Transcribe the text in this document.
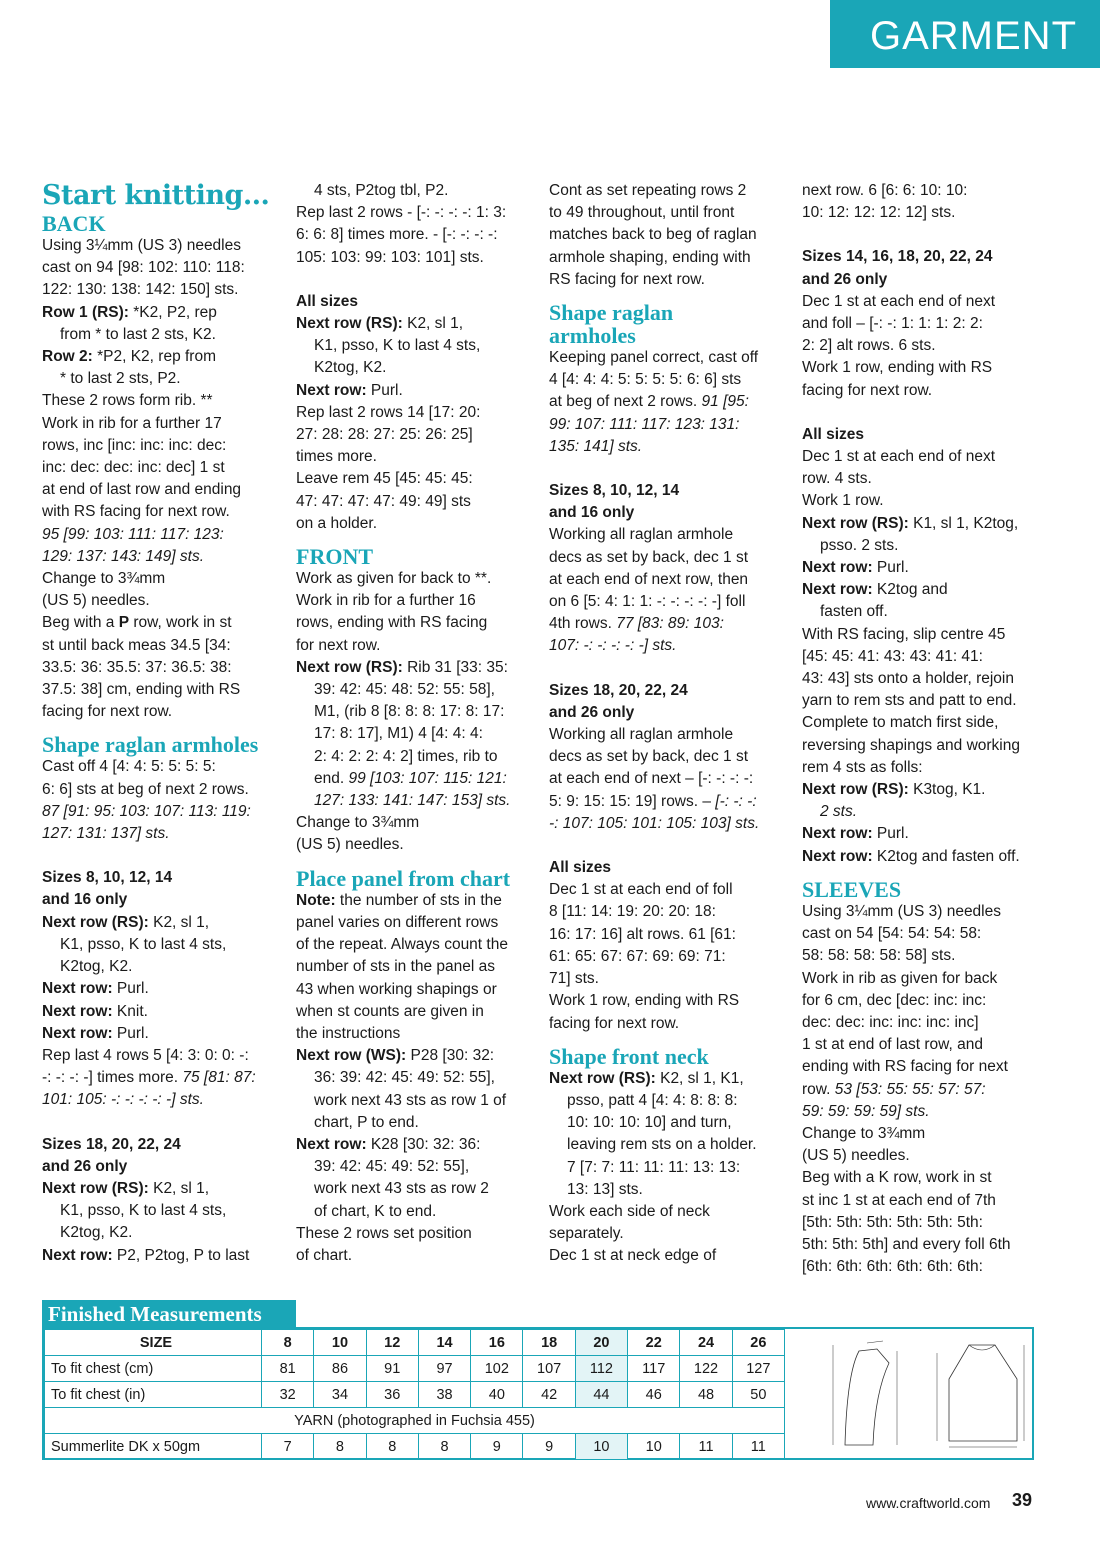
GARMENT

Start knitting…

BACK

Using 3¼mm (US 3) needles

cast on 94 [98: 102: 110: 118:

122: 130: 138: 142: 150] sts.

Row 1 (RS): *K2, P2, rep

from * to last 2 sts, K2.

Row 2: *P2, K2, rep from

* to last 2 sts, P2.

These 2 rows form rib. **

Work in rib for a further 17

rows, inc [inc: inc: inc: dec:

inc: dec: dec: inc: dec] 1 st

at end of last row and ending

with RS facing for next row.

95 [99: 103: 111: 117: 123:

129: 137: 143: 149] sts.

Change to 3¾mm

(US 5) needles.

Beg with a P row, work in st

st until back meas 34.5 [34:

33.5: 36: 35.5: 37: 36.5: 38:

37.5: 38] cm, ending with RS

facing for next row.

Shape raglan armholes

Cast off 4 [4: 4: 5: 5: 5: 5:

6: 6] sts at beg of next 2 rows.

87 [91: 95: 103: 107: 113: 119:

127: 131: 137] sts.

Sizes 8, 10, 12, 14

and 16 only

Next row (RS): K2, sl 1,

K1, psso, K to last 4 sts,

K2tog, K2.

Next row: Purl.

Next row: Knit.

Next row: Purl.

Rep last 4 rows 5 [4: 3: 0: 0: -:

-: -: -: -] times more. 75 [81: 87:

101: 105: -: -: -: -: -] sts.

Sizes 18, 20, 22, 24

and 26 only

Next row (RS): K2, sl 1,

K1, psso, K to last 4 sts,

K2tog, K2.

Next row: P2, P2tog, P to last

4 sts, P2tog tbl, P2.

Rep last 2 rows - [-: -: -: -: 1: 3:

6: 6: 8] times more. - [-: -: -: -:

105: 103: 99: 103: 101] sts.

All sizes

Next row (RS): K2, sl 1,

K1, psso, K to last 4 sts,

K2tog, K2.

Next row: Purl.

Rep last 2 rows 14 [17: 20:

27: 28: 28: 27: 25: 26: 25]

times more.

Leave rem 45 [45: 45: 45:

47: 47: 47: 47: 49: 49] sts

on a holder.

FRONT

Work as given for back to **.

Work in rib for a further 16

rows, ending with RS facing

for next row.

Next row (RS): Rib 31 [33: 35:

39: 42: 45: 48: 52: 55: 58],

M1, (rib 8 [8: 8: 8: 17: 8: 17:

17: 8: 17], M1) 4 [4: 4: 4:

2: 4: 2: 2: 4: 2] times, rib to

end. 99 [103: 107: 115: 121:

127: 133: 141: 147: 153] sts.

Change to 3¾mm

(US 5) needles.

Place panel from chart

Note: the number of sts in the

panel varies on different rows

of the repeat. Always count the

number of sts in the panel as

43 when working shapings or

when st counts are given in

the instructions

Next row (WS): P28 [30: 32:

36: 39: 42: 45: 49: 52: 55],

work next 43 sts as row 1 of

chart, P to end.

Next row: K28 [30: 32: 36:

39: 42: 45: 49: 52: 55],

work next 43 sts as row 2

of chart, K to end.

These 2 rows set position

of chart.

Cont as set repeating rows 2

to 49 throughout, until front

matches back to beg of raglan

armhole shaping, ending with

RS facing for next row.

Shape raglan

armholes

Keeping panel correct, cast off

4 [4: 4: 4: 5: 5: 5: 5: 6: 6] sts

at beg of next 2 rows. 91 [95:

99: 107: 111: 117: 123: 131:

135: 141] sts.

Sizes 8, 10, 12, 14

and 16 only

Working all raglan armhole

decs as set by back, dec 1 st

at each end of next row, then

on 6 [5: 4: 1: 1: -: -: -: -: -] foll

4th rows. 77 [83: 89: 103:

107: -: -: -: -: -] sts.

Sizes 18, 20, 22, 24

and 26 only

Working all raglan armhole

decs as set by back, dec 1 st

at each end of next – [-: -: -: -:

5: 9: 15: 15: 19] rows. – [-: -: -:

-: 107: 105: 101: 105: 103] sts.

All sizes

Dec 1 st at each end of foll

8 [11: 14: 19: 20: 20: 18:

16: 17: 16] alt rows. 61 [61:

61: 65: 67: 67: 69: 69: 71:

71] sts.

Work 1 row, ending with RS

facing for next row.

Shape front neck

Next row (RS): K2, sl 1, K1,

psso, patt 4 [4: 4: 8: 8: 8:

10: 10: 10: 10] and turn,

leaving rem sts on a holder.

7 [7: 7: 11: 11: 11: 13: 13:

13: 13] sts.

Work each side of neck

separately.

Dec 1 st at neck edge of

next row. 6 [6: 6: 10: 10:

10: 12: 12: 12: 12] sts.

Sizes 14, 16, 18, 20, 22, 24

and 26 only

Dec 1 st at each end of next

and foll – [-: -: 1: 1: 1: 2: 2:

2: 2] alt rows. 6 sts.

Work 1 row, ending with RS

facing for next row.

All sizes

Dec 1 st at each end of next

row. 4 sts.

Work 1 row.

Next row (RS): K1, sl 1, K2tog,

psso. 2 sts.

Next row: Purl.

Next row: K2tog and

fasten off.

With RS facing, slip centre 45

[45: 45: 41: 43: 43: 41: 41:

43: 43] sts onto a holder, rejoin

yarn to rem sts and patt to end.

Complete to match first side,

reversing shapings and working

rem 4 sts as folls:

Next row (RS): K3tog, K1.

2 sts.

Next row: Purl.

Next row: K2tog and fasten off.

SLEEVES

Using 3¼mm (US 3) needles

cast on 54 [54: 54: 54: 58:

58: 58: 58: 58: 58] sts.

Work in rib as given for back

for 6 cm, dec [dec: inc: inc:

dec: dec: inc: inc: inc: inc]

1 st at end of last row, and

ending with RS facing for next

row. 53 [53: 55: 55: 57: 57:

59: 59: 59: 59] sts.

Change to 3¾mm

(US 5) needles.

Beg with a K row, work in st

st inc 1 st at each end of 7th

[5th: 5th: 5th: 5th: 5th: 5th:

5th: 5th: 5th] and every foll 6th

[6th: 6th: 6th: 6th: 6th: 6th:

Finished Measurements
SIZE	8	10	12	14	16	18	20	22	24	26
To fit chest (cm)	81	86	91	97	102	107	112	117	122	127
To fit chest (in)	32	34	36	38	40	42	44	46	48	50
YARN (photographed in Fuchsia 455)										
Summerlite DK x 50gm	7	8	8	8	9	9	10	10	11	11
www.craftworld.com 39
